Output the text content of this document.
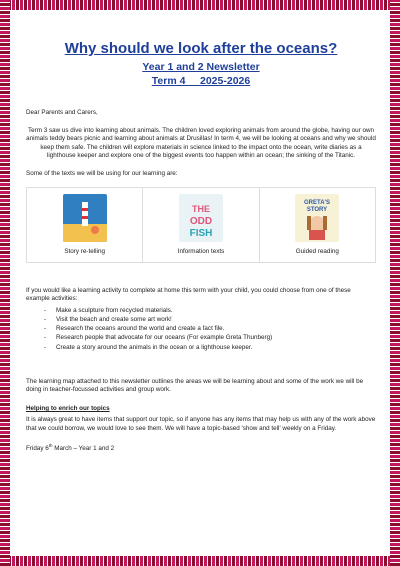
Why should we look after the oceans?
Year 1 and 2 Newsletter
Term 4     2025-2026

Dear Parents and Carers,

Term 3 saw us dive into learning about animals. The children loved exploring animals from around the globe, having our own animals teddy bears picnic and learning about animals at Drusillas! In term 4, we will be looking at oceans and why we should keep them safe. The children will explore materials in science linked to the impact onto the ocean, write diaries as a lighthouse keeper and explore one of the biggest events too happen within an ocean; the sinking of the Titanic.

Some of the texts we will be using for our learning are:

Story re-telling
THE
ODD
FISH
Information texts
GRETA'S
STORY
Guided reading

If you would like a learning activity to complete at home this term with your child, you could choose from one of these example activities:

- Make a sculpture from recycled materials.
- Visit the beach and create some art work!
- Research the oceans around the world and create a fact file.
- Research people that advocate for our oceans (For example Greta Thunberg)
- Create a story around the animals in the ocean or a lighthouse keeper.

The learning map attached to this newsletter outlines the areas we will be learning about and some of the work we will be doing in teacher-focussed activities and group work.

Helping to enrich our topics

It is always great to have items that support our topic, so if anyone has any items that may help us with any of the work above that we could borrow, we would love to see them. We will have a topic-based 'show and tell' weekly on a Friday.

Friday 6th March – Year 1 and 2
